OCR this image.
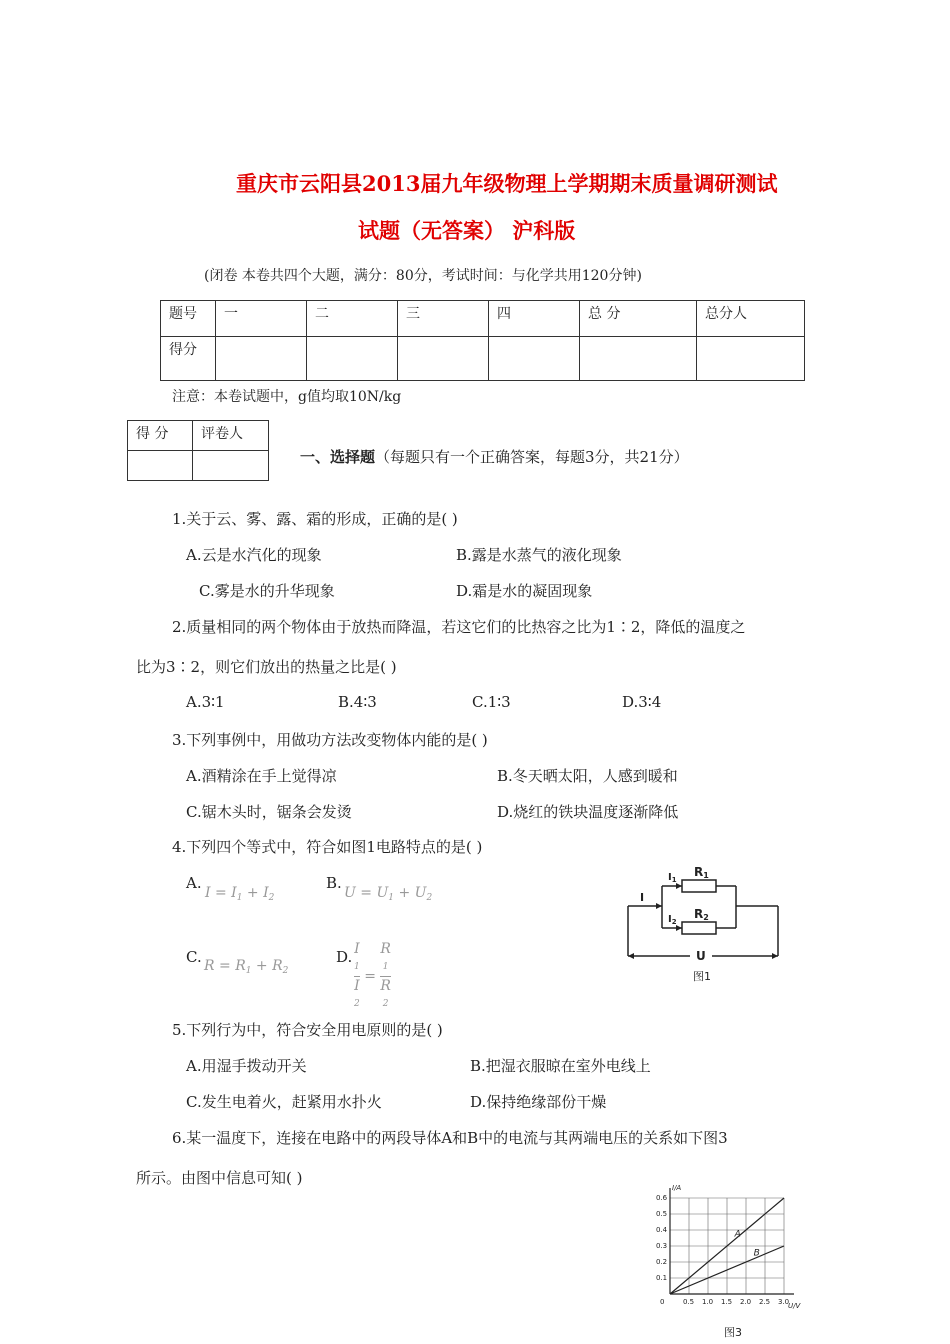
重庆市云阳县2013届九年级物理上学期期末质量调研测试
试题（无答案） 沪科版
(闭卷 本卷共四个大题，满分：80分，考试时间：与化学共用120分钟)
题号	一	二	三	四	总 分	总分人
得分						
注意：本卷试题中，g值均取10N/kg
得 分	评卷人

一、选择题（每题只有一个正确答案，每题3分，共21分）
1.关于云、雾、露、霜的形成，正确的是( )
A.云是水汽化的现象	B.露是水蒸气的液化现象
C.雾是水的升华现象	D.霜是水的凝固现象
2.质量相同的两个物体由于放热而降温，若这它们的比热容之比为1∶2，降低的温度之
比为3∶2，则它们放出的热量之比是( )
A.3∶1	B.4∶3	C.1∶3	D.3∶4
3.下列事例中，用做功方法改变物体内能的是( )
A.酒精涂在手上觉得凉	B.冬天晒太阳，人感到暖和
C.锯木头时，锯条会发烫	D.烧红的铁块温度逐渐降低
4.下列四个等式中，符合如图1电路特点的是( )
A.
$I = I_1 + I_2$
B.
$U = U_1 + U_2$
C. $R = R_1 + R_2$
D. I
1
I
2 = R
1
R
2
I
$I_1$
R1
$I_2$
R2
U
图1
5.下列行为中，符合安全用电原则的是( )
A.用湿手拨动开关	B.把湿衣服晾在室外电线上
C.发生电着火，赶紧用水扑火	D.保持绝缘部份干燥
6.某一温度下，连接在电路中的两段导体A和B中的电流与其两端电压的关系如下图3
所示。由图中信息可知( )
0.5 1.0 1.5 2.0 2.5 3.0
0.1
0.2
0.3
0.4
0.5
0.6
0
I/A
U/V
A
B
图3
